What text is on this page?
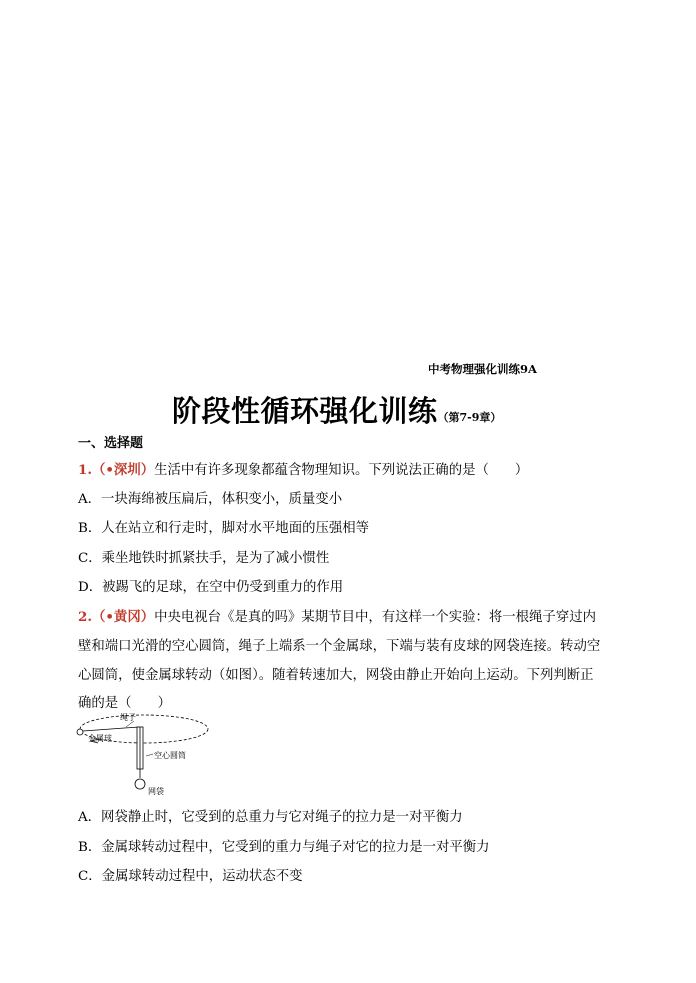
中考物理强化训练9A
阶段性循环强化训练（第7-9章）
一、选择题
1.（•深圳）生活中有许多现象都蕴含物理知识。下列说法正确的是（ ）
A．一块海绵被压扁后，体积变小，质量变小
B．人在站立和行走时，脚对水平地面的压强相等
C．乘坐地铁时抓紧扶手，是为了减小惯性
D．被踢飞的足球，在空中仍受到重力的作用
2.（•黄冈）中央电视台《是真的吗》某期节目中，有这样一个实验：将一根绳子穿过内
壁和端口光滑的空心圆筒，绳子上端系一个金属球，下端与装有皮球的网袋连接。转动空
心圆筒，使金属球转动（如图）。随着转速加大，网袋由静止开始向上运动。下列判断正
确的是（ ）
绳子
金属球
空心圆筒
网袋
A．网袋静止时，它受到的总重力与它对绳子的拉力是一对平衡力
B．金属球转动过程中，它受到的重力与绳子对它的拉力是一对平衡力
C．金属球转动过程中，运动状态不变
